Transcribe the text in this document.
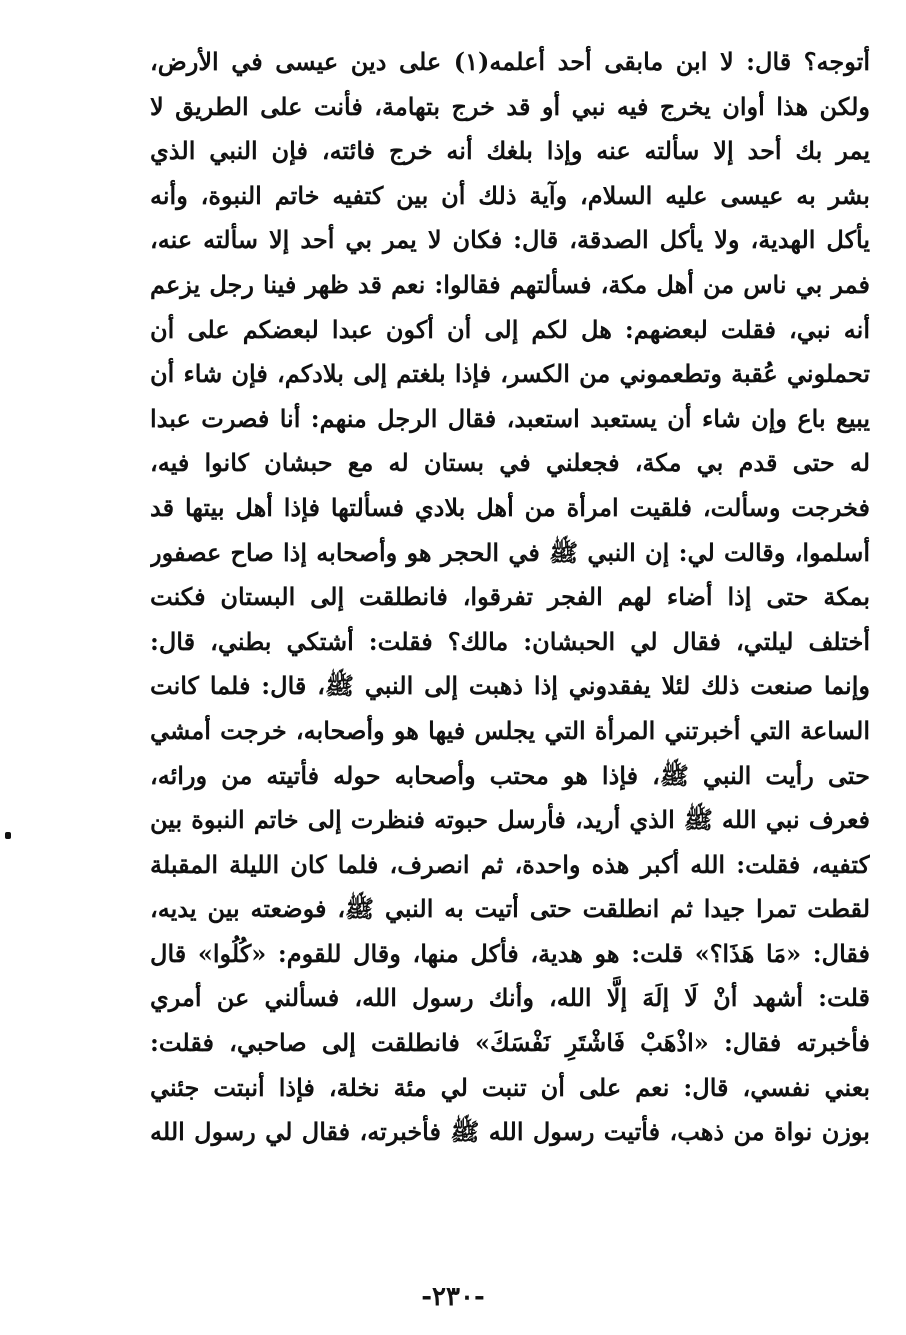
أتوجه؟ قال: لا ابن مابقى أحد أعلمه(١) على دين عيسى في الأرض،
ولكن هذا أوان يخرج فيه نبي أو قد خرج بتهامة، فأنت على الطريق لا
يمر بك أحد إلا سألته عنه وإذا بلغك أنه خرج فائته، فإن النبي الذي
بشر به عيسى عليه السلام، وآية ذلك أن بين كتفيه خاتم النبوة، وأنه
يأكل الهدية، ولا يأكل الصدقة، قال: فكان لا يمر بي أحد إلا سألته عنه،
فمر بي ناس من أهل مكة، فسألتهم فقالوا: نعم قد ظهر فينا رجل يزعم
أنه نبي، فقلت لبعضهم: هل لكم إلى أن أكون عبدا لبعضكم على أن
تحملوني عُقبة وتطعموني من الكسر، فإذا بلغتم إلى بلادكم، فإن شاء أن
يبيع باع وإن شاء أن يستعبد استعبد، فقال الرجل منهم: أنا فصرت عبدا
له حتى قدم بي مكة، فجعلني في بستان له مع حبشان كانوا فيه،
فخرجت وسألت، فلقيت امرأة من أهل بلادي فسألتها فإذا أهل بيتها قد
أسلموا، وقالت لي: إن النبي ﷺ في الحجر هو وأصحابه إذا صاح عصفور
بمكة حتى إذا أضاء لهم الفجر تفرقوا، فانطلقت إلى البستان فكنت
أختلف ليلتي، فقال لي الحبشان: مالك؟ فقلت: أشتكي بطني، قال:
وإنما صنعت ذلك لئلا يفقدوني إذا ذهبت إلى النبي ﷺ، قال: فلما كانت
الساعة التي أخبرتني المرأة التي يجلس فيها هو وأصحابه، خرجت أمشي
حتى رأيت النبي ﷺ، فإذا هو محتب وأصحابه حوله فأتيته من ورائه،
فعرف نبي الله ﷺ الذي أريد، فأرسل حبوته فنظرت إلى خاتم النبوة بين
كتفيه، فقلت: الله أكبر هذه واحدة، ثم انصرف، فلما كان الليلة المقبلة
لقطت تمرا جيدا ثم انطلقت حتى أتيت به النبي ﷺ، فوضعته بين يديه،
فقال: «مَا هَذَا؟» قلت: هو هدية، فأكل منها، وقال للقوم: «كُلُوا» قال
قلت: أشهد أنْ لَا إلَهَ إلَّا الله، وأنك رسول الله، فسألني عن أمري
فأخبرته فقال: «اذْهَبْ فَاشْتَرِ نَفْسَكَ» فانطلقت إلى صاحبي، فقلت:
بعني نفسي، قال: نعم على أن تنبت لي مئة نخلة، فإذا أنبتت جئني
بوزن نواة من ذهب، فأتيت رسول الله ﷺ فأخبرته، فقال لي رسول الله
-٢٣٠-
